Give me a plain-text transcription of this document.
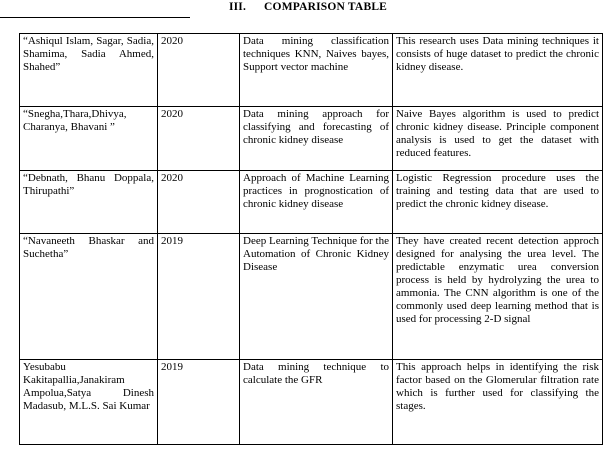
III. COMPARISON TABLE
“Ashiqul Islam, Sagar, Sadia, Shamima, Sadia Ahmed, Shahed”	2020	Data mining classification techniques KNN, Naives bayes, Support vector machine	This research uses Data mining techniques it consists of huge dataset to predict the chronic kidney disease.
“Snegha,Thara,Dhivya, Charanya, Bhavani ”	2020	Data mining approach for classifying and forecasting of chronic kidney disease	Naive Bayes algorithm is used to predict chronic kidney disease. Principle component analysis is used to get the dataset with reduced features.
“Debnath, Bhanu Doppala, Thirupathi”	2020	Approach of Machine Learning practices in prognostication of chronic kidney disease	Logistic Regression procedure uses the training and testing data that are used to predict the chronic kidney disease.
“Navaneeth Bhaskar and Suchetha”	2019	Deep Learning Technique for the Automation of Chronic Kidney Disease	They have created recent detection approch designed for analysing the urea level. The predictable enzymatic urea conversion process is held by hydrolyzing the urea to ammonia. The CNN algorithm is one of the commonly used deep learning method that is used for processing 2-D signal
Yesubabu Kakitapallia,Janakiram Ampolua,Satya Dinesh Madasub, M.L.S. Sai Kumar	2019	Data mining technique to calculate the GFR	This approach helps in identifying the risk factor based on the Glomerular filtration rate which is further used for classifying the stages.
